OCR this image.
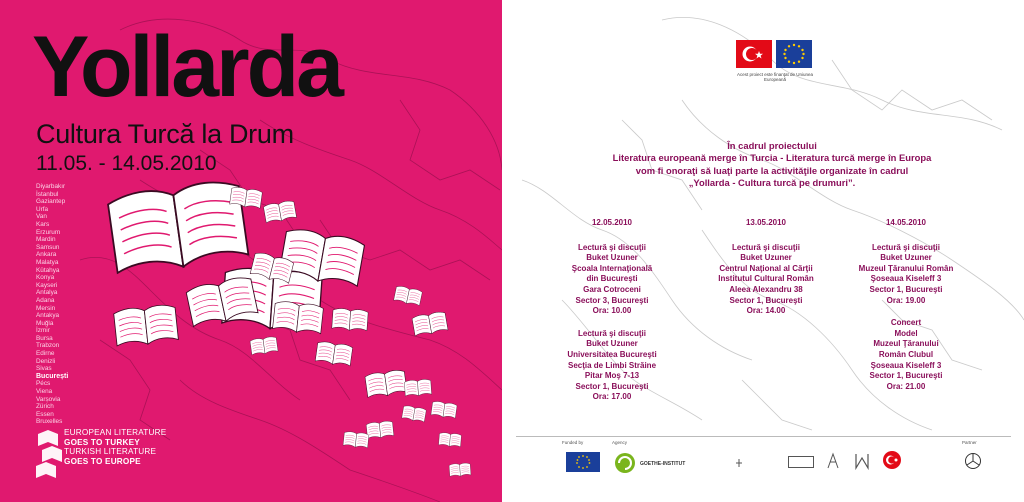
Yollarda
Cultura Turcă la Drum
11.05. - 14.05.2010
Diyarbakır
İstanbul
Gaziantep
Urfa
Van
Kars
Erzurum
Mardin
Samsun
Ankara
Malatya
Kütahya
Konya
Kayseri
Antalya
Adana
Mersin
Antakya
Muğla
İzmir
Bursa
Trabzon
Edirne
Denizli
Sivas
București
Pécs
Viena
Varșovia
Zürich
Essen
Bruxelles
EUROPEAN LITERATURE
GOES TO TURKEY
TURKISH LITERATURE
GOES TO EUROPE
Acest proiect este finanţat de Uniunea Europeană
În cadrul proiectului
Literatura europeană merge în Turcia - Literatura turcă merge în Europa
vom fi onoraţi să luaţi parte la activităţile organizate în cadrul
„Yollarda - Cultura turcă pe drumuri”.
12.05.2010
Lectură şi discuţii
Buket Uzuner
Şcoala Internaţională
din Bucureşti
Gara Cotroceni
Sector 3, Bucureşti
Ora: 10.00
Lectură şi discuţii
Buket Uzuner
Universitatea Bucureşti
Secţia de Limbi Străine
Pitar Moş 7-13
Sector 1, Bucureşti
Ora: 17.00
13.05.2010
Lectură şi discuţii
Buket Uzuner
Centrul Naţional al Cărţii
Institutul Cultural Român
Aleea Alexandru 38
Sector 1, Bucureşti
Ora: 14.00
14.05.2010
Lectură şi discuţii
Buket Uzuner
Muzeul Ţăranului Român
Şoseaua Kiseleff 3
Sector 1, Bucureşti
Ora: 19.00
Concert
Model
Muzeul Ţăranului
Român Clubul
Şoseaua Kiseleff 3
Sector 1, Bucureşti
Ora: 21.00
Funded by	Agency
GOETHE-INSTITUT
Partner
